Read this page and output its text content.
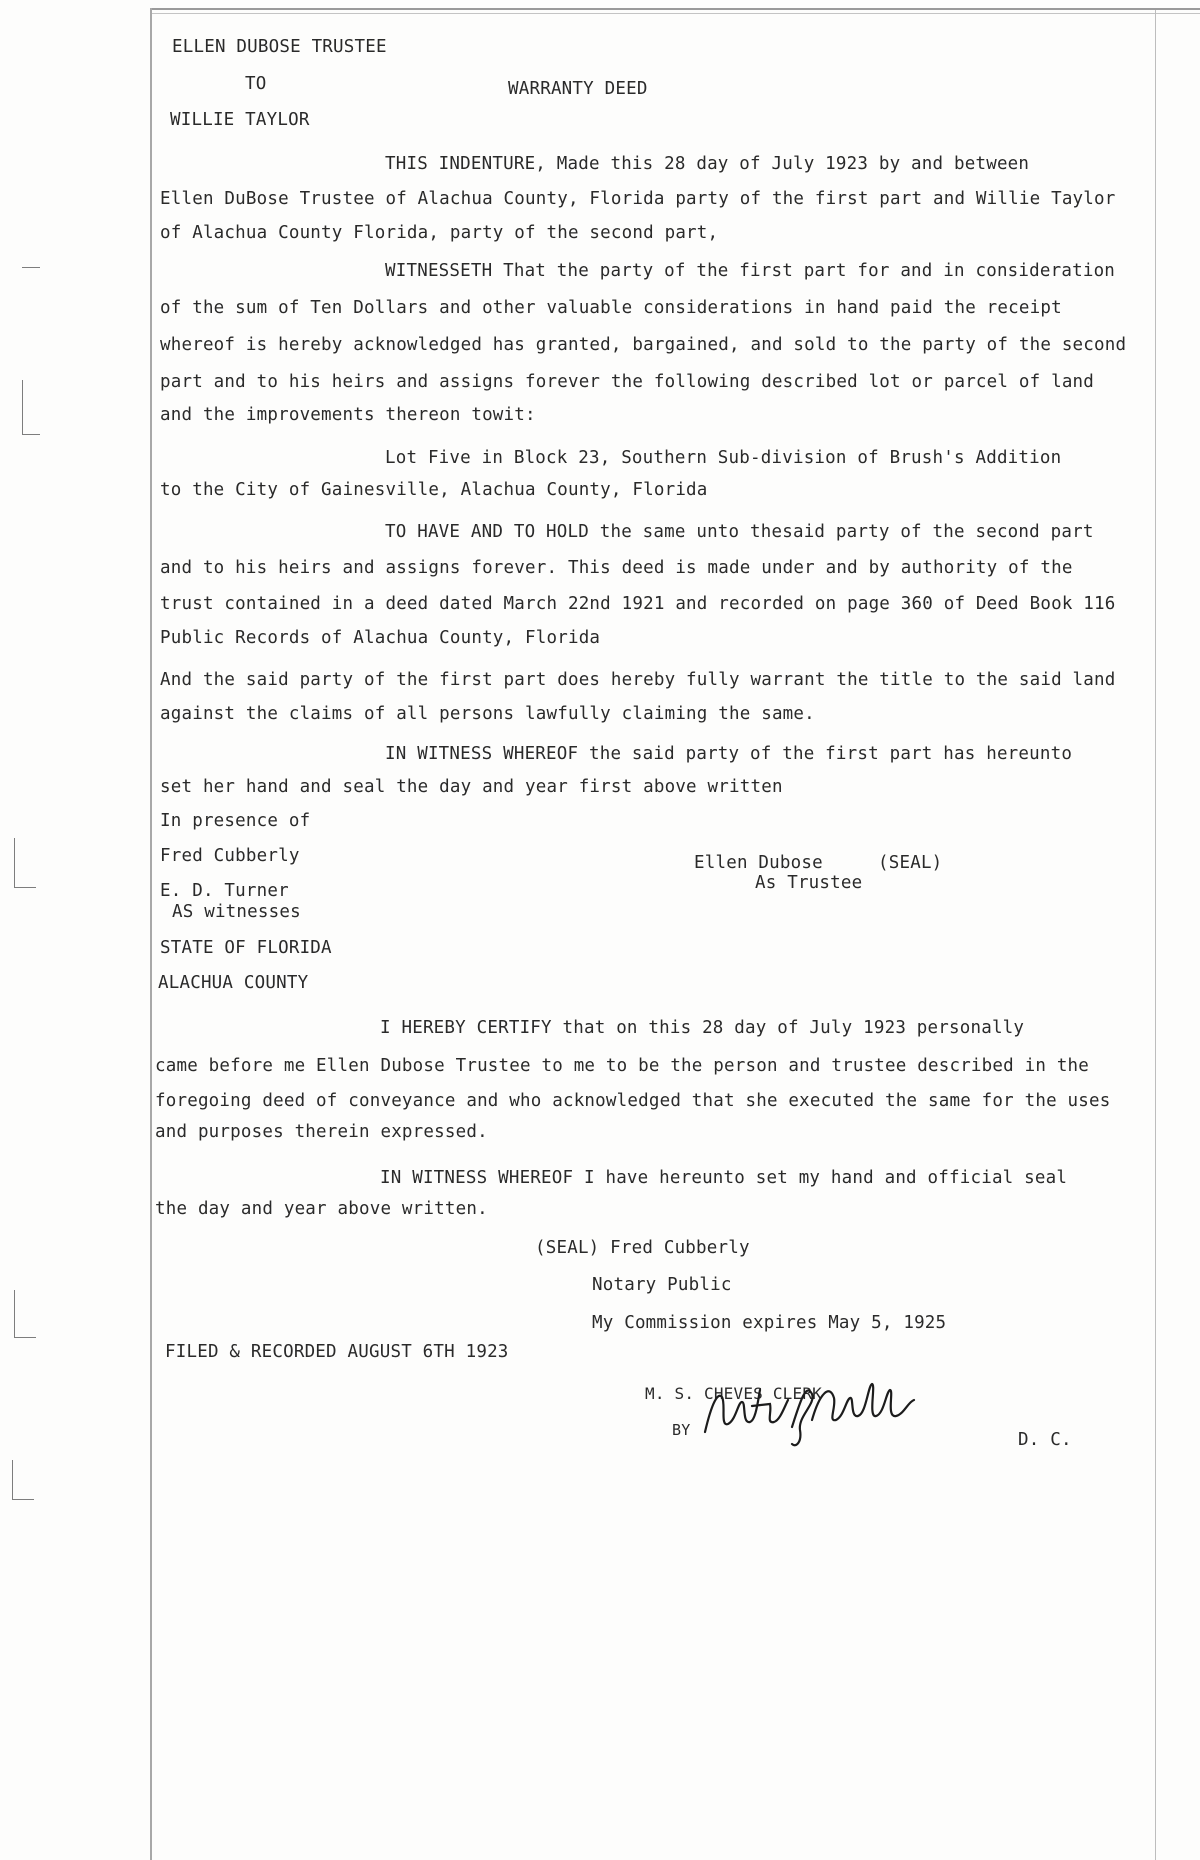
ELLEN DUBOSE TRUSTEE
TO	WARRANTY DEED
WILLIE TAYLOR
THIS INDENTURE, Made this 28 day of July 1923 by and between
Ellen DuBose Trustee of Alachua County, Florida party of the first part and Willie Taylor
of Alachua County Florida, party of the second part,
WITNESSETH That the party of the first part for and in consideration
of the sum of Ten Dollars and other valuable considerations in hand paid the receipt
whereof is hereby acknowledged has granted, bargained, and sold to the party of the second
part and to his heirs and assigns forever the following described lot or parcel of land
and the improvements thereon towit:
Lot Five in Block 23, Southern Sub-division of Brush's Addition
to the City of Gainesville, Alachua County, Florida
TO HAVE AND TO HOLD the same unto thesaid party of the second part
and to his heirs and assigns forever. This deed is made under and by authority of the
trust contained in a deed dated March 22nd 1921 and recorded on page 360 of Deed Book 116
Public Records of Alachua County, Florida
And the said party of the first part does hereby fully warrant the title to the said land
against the claims of all persons lawfully claiming the same.
IN WITNESS WHEREOF the said party of the first part has hereunto
set her hand and seal the day and year first above written
In presence of
Fred Cubberly
E. D. Turner
AS witnesses
Ellen Dubose	(SEAL)
As Trustee
STATE OF FLORIDA
ALACHUA COUNTY
I HEREBY CERTIFY that on this 28 day of July 1923 personally
came before me Ellen Dubose Trustee to me to be the person and trustee described in the
foregoing deed of conveyance and who acknowledged that she executed the same for the uses
and purposes therein expressed.
IN WITNESS WHEREOF I have hereunto set my hand and official seal
the day and year above written.
(SEAL) Fred Cubberly
Notary Public
My Commission expires May 5, 1925
FILED & RECORDED AUGUST 6TH 1923
M. S. CHEVES CLERK
BY	D. C.
